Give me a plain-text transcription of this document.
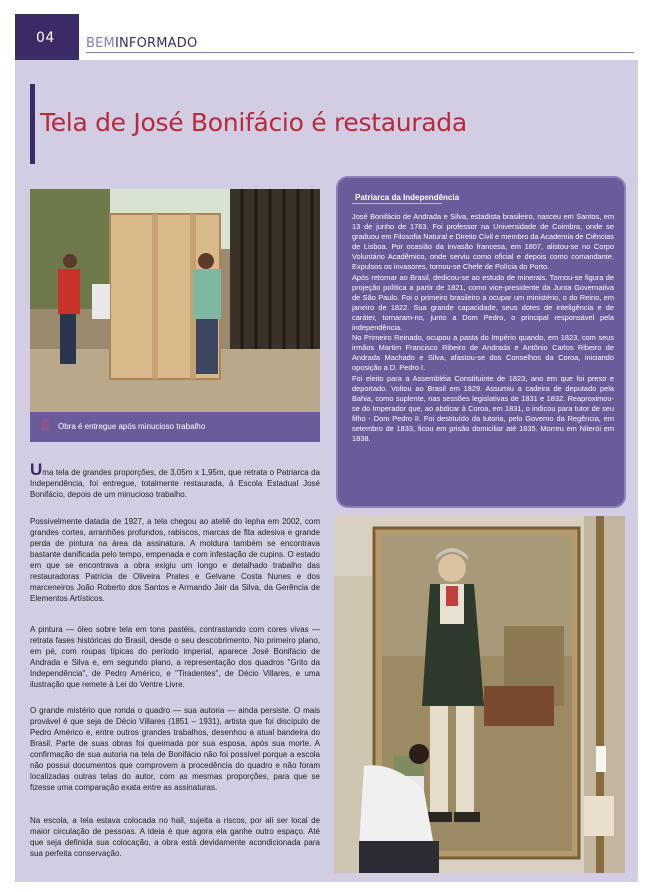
04 BEMINFORMADO
Tela de José Bonifácio é restaurada
🎗 Obra é entregue após minucioso trabalho
Uma tela de grandes proporções, de 3,05m x 1,95m, que retrata o Patriarca da Independência, foi entregue, totalmente restaurada, à Escola Estadual José Bonifácio, depois de um minucioso trabalho.
Possivelmente datada de 1927, a tela chegou ao ateliê do Iepha em 2002, com grandes cortes, arranhões profundos, rabiscos, marcas de fita adesiva e grande perda de pintura na área da assinatura. A moldura também se encontrava bastante danificada pelo tempo, empenada e com infestação de cupins. O estado em que se encontrava a obra exigiu um longo e detalhado trabalho das restauradoras Patrícia de Oliveira Prates e Gelvane Costa Nunes e dos marceneiros João Roberto dos Santos e Armando Jair da Silva, da Gerência de Elementos Artísticos.
A pintura — óleo sobre tela em tons pastéis, contrastando com cores vivas — retrata fases históricas do Brasil, desde o seu descobrimento. No primeiro plano, em pé, com roupas típicas do período imperial, aparece José Bonifácio de Andrada e Silva e, em segundo plano, a representação dos quadros "Grito da Independência", de Pedro Américo, e "Tiradentes", de Décio Villares, e uma ilustração que remete à Lei do Ventre Livre.
O grande mistério que ronda o quadro — sua autoria — ainda persiste. O mais provável é que seja de Décio Villares (1851 – 1931), artista que foi discípulo de Pedro Américo e, entre outros grandes trabalhos, desenhou a atual bandeira do Brasil. Parte de suas obras foi queimada por sua esposa, após sua morte. A confirmação de sua autoria na tela de Bonifácio não foi possível porque a escola não possui documentos que comprovem a procedência do quadro e não foram localizadas outras telas do autor, com as mesmas proporções, para que se fizesse uma comparação exata entre as assinaturas.
Na escola, a tela estava colocada no hall, sujeita a riscos, por ali ser local de maior circulação de pessoas. A ideia é que agora ela ganhe outro espaço. Até que seja definida sua colocação, a obra está devidamente acondicionada para sua perfeita conservação.
Patriarca da Independência

José Bonifácio de Andrada e Silva, estadista brasileiro, nasceu em Santos, em 13 de junho de 1763. Foi professor na Universidade de Coimbra, onde se graduou em Filosofia Natural e Direito Civil e membro da Academia de Ciências de Lisboa. Por ocasião da invasão francesa, em 1807, alistou-se no Corpo Voluntário Acadêmico, onde serviu como oficial e depois como comandante. Expulsos os invasores, tornou-se Chefe de Polícia do Porto.

Após retornar ao Brasil, dedicou-se ao estudo de minerais. Tornou-se figura de projeção política a partir de 1821, como vice-presidente da Junta Governativa de São Paulo. Foi o primeiro brasileiro a ocupar um ministério, o do Reino, em janeiro de 1822. Sua grande capacidade, seus dotes de inteligência e de caráter, tornaram-no, junto a Dom Pedro, o principal responsável pela independência.

No Primeiro Reinado, ocupou a pasta do Império quando, em 1823, com seus irmãos Martim Francisco Ribeiro de Andrada e Antônio Carlos Ribeiro de Andrada Machado e Silva, afastou-se dos Conselhos da Coroa, iniciando oposição a D. Pedro I.

Foi eleito para a Assembléia Constituinte de 1823, ano em que foi preso e deportado. Voltou ao Brasil em 1829. Assumiu a cadeira de deputado pela Bahia, como suplente, nas sessões legislativas de 1831 e 1832. Reaproximou-se do Imperador que, ao abdicar à Coroa, em 1831, o indicou para tutor de seu filho - Dom Pedro II. Foi destituído da tutoria, pelo Governo da Regência, em setembro de 1833, ficou em prisão domiciliar até 1835. Morreu em Niterói em 1838.
